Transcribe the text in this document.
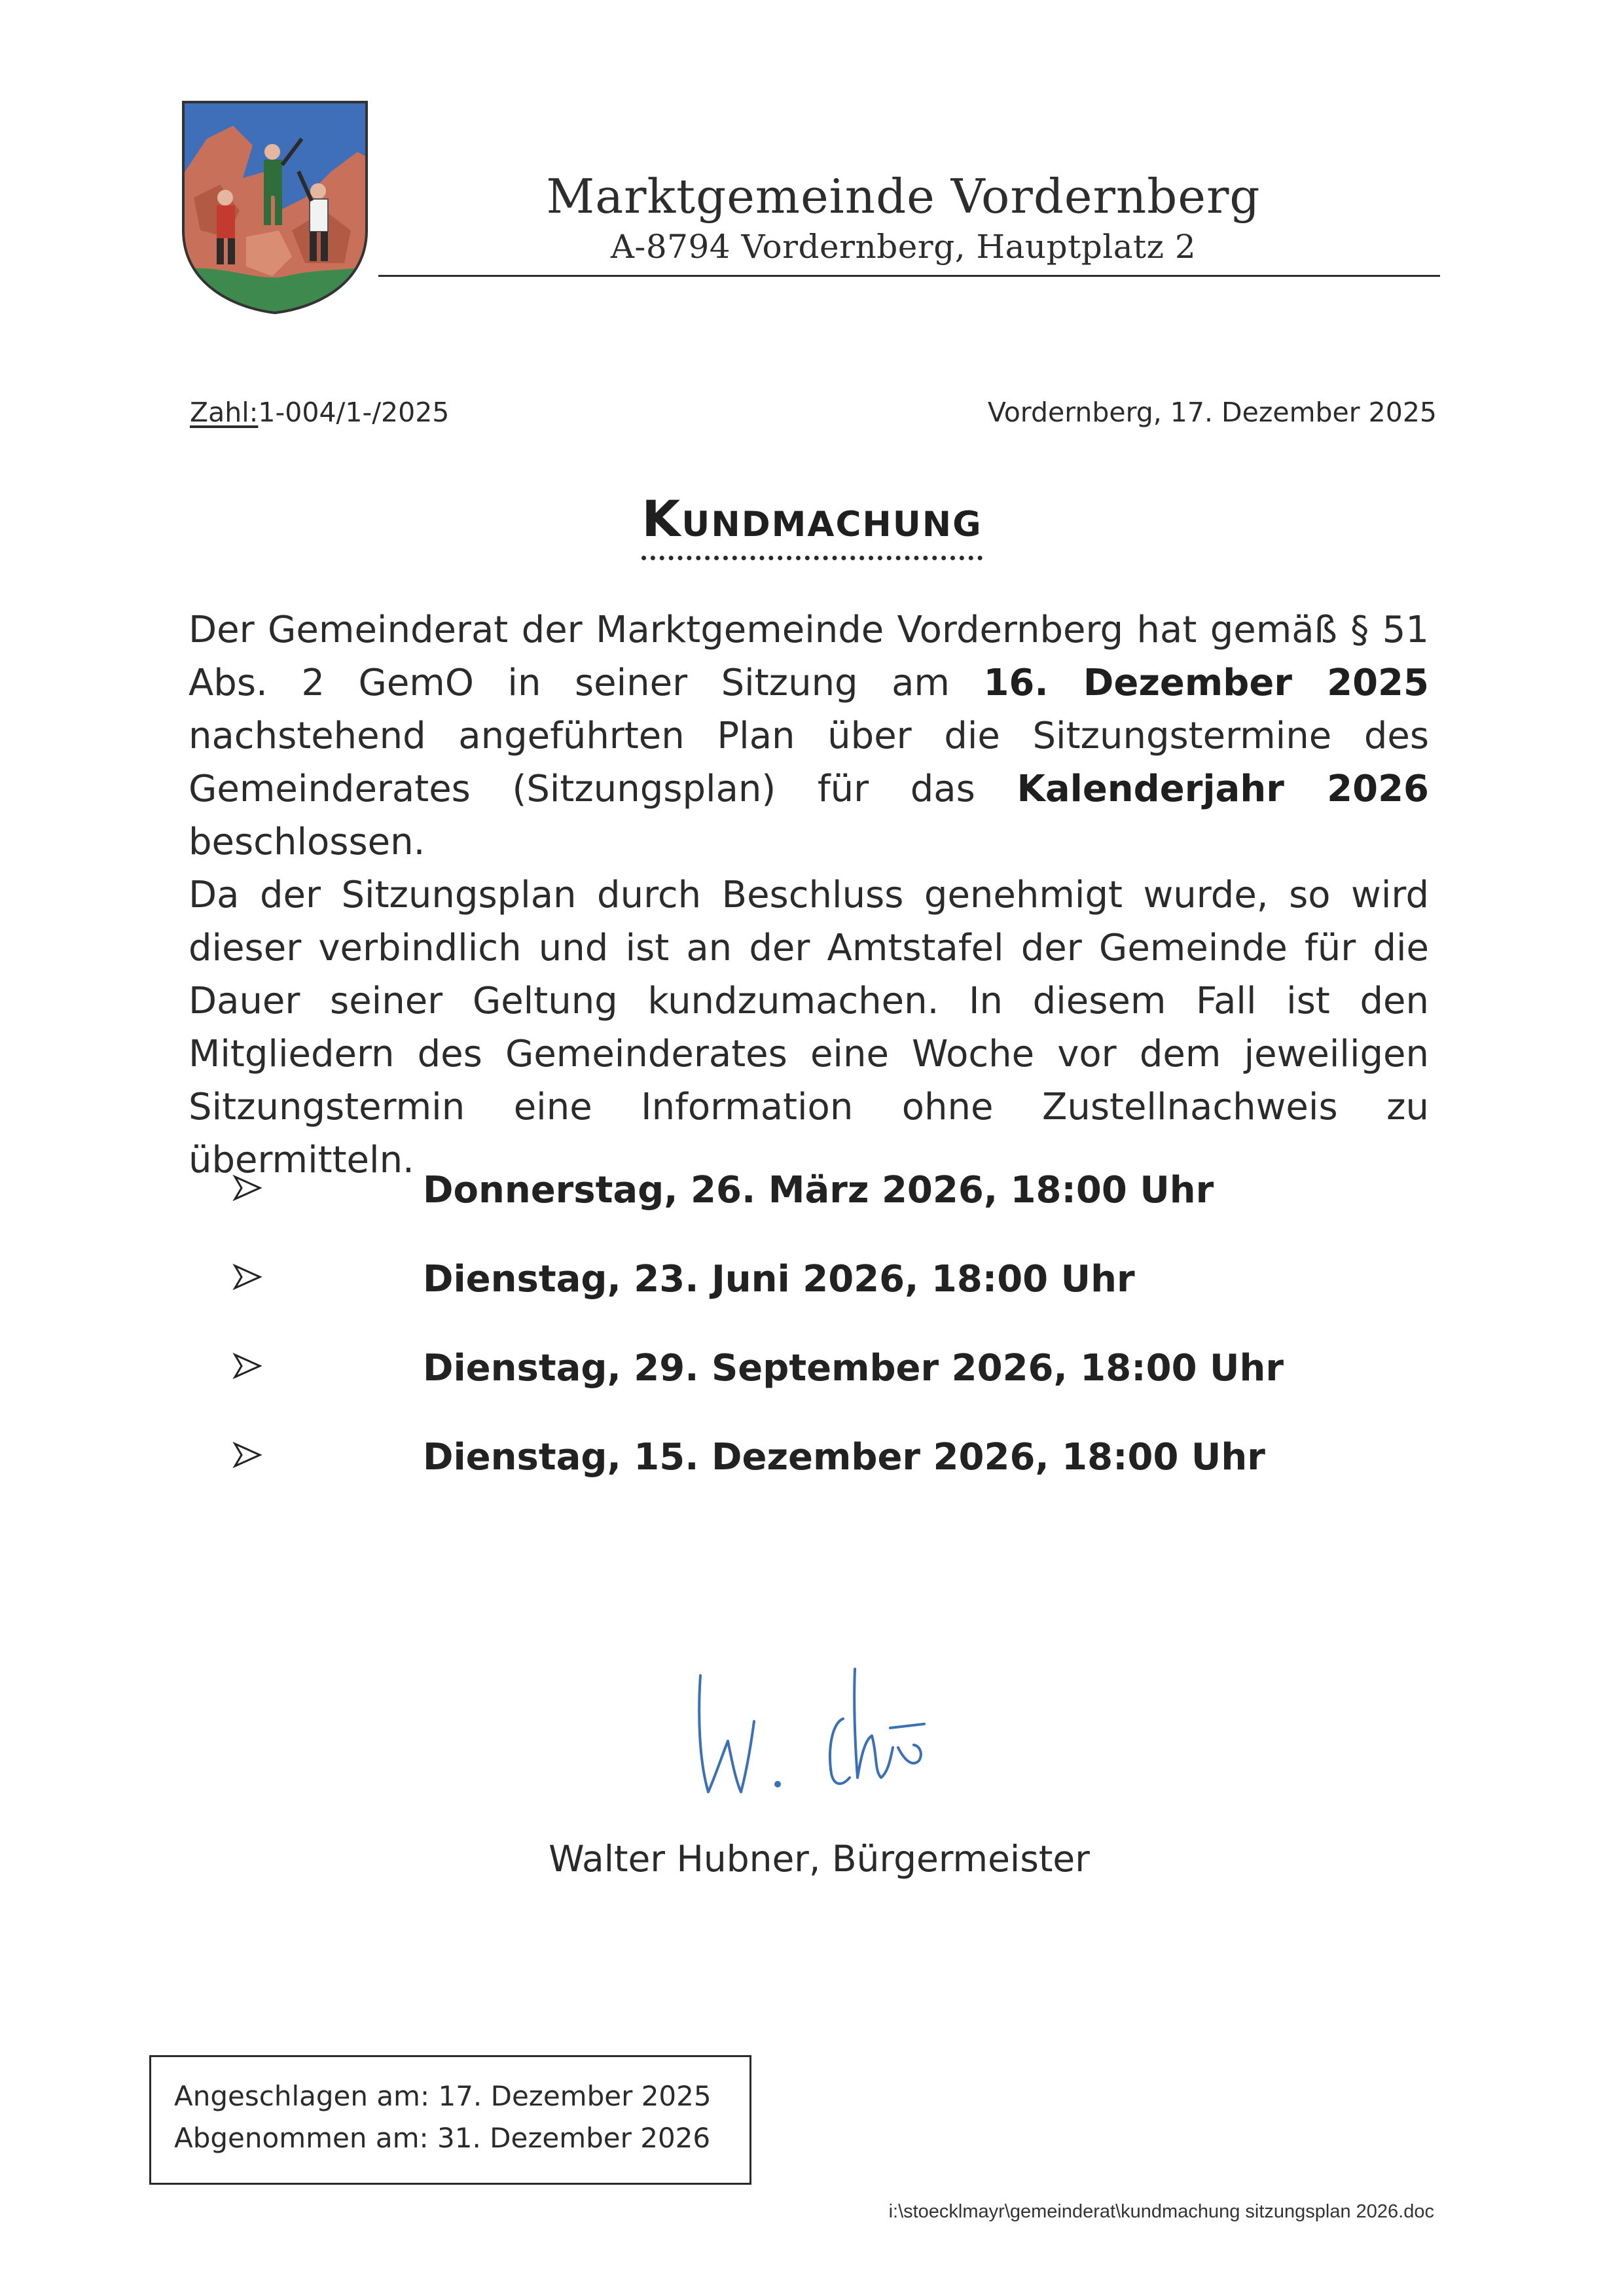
Marktgemeinde Vordernberg
A-8794 Vordernberg, Hauptplatz 2
Zahl:1-004/1-/2025	Vordernberg, 17. Dezember 2025
Kundmachung

Der Gemeinderat der Marktgemeinde Vordernberg hat gemäß § 51 Abs. 2 GemO in seiner Sitzung am 16. Dezember 2025 nachstehend angeführten Plan über die Sitzungstermine des Gemeinderates (Sitzungsplan) für das Kalenderjahr 2026 beschlossen.

Da der Sitzungsplan durch Beschluss genehmigt wurde, so wird dieser verbindlich und ist an der Amtstafel der Gemeinde für die Dauer seiner Geltung kundzumachen. In diesem Fall ist den Mitgliedern des Gemeinderates eine Woche vor dem jeweiligen Sitzungstermin eine Information ohne Zustellnachweis zu übermitteln.

Donnerstag, 26. März 2026, 18:00 Uhr
Dienstag, 23. Juni 2026, 18:00 Uhr
Dienstag, 29. September 2026, 18:00 Uhr
Dienstag, 15. Dezember 2026, 18:00 Uhr
Walter Hubner, Bürgermeister
Angeschlagen am: 17. Dezember 2025
Abgenommen am: 31. Dezember 2026
i:\stoecklmayr\gemeinderat\kundmachung sitzungsplan 2026.doc
